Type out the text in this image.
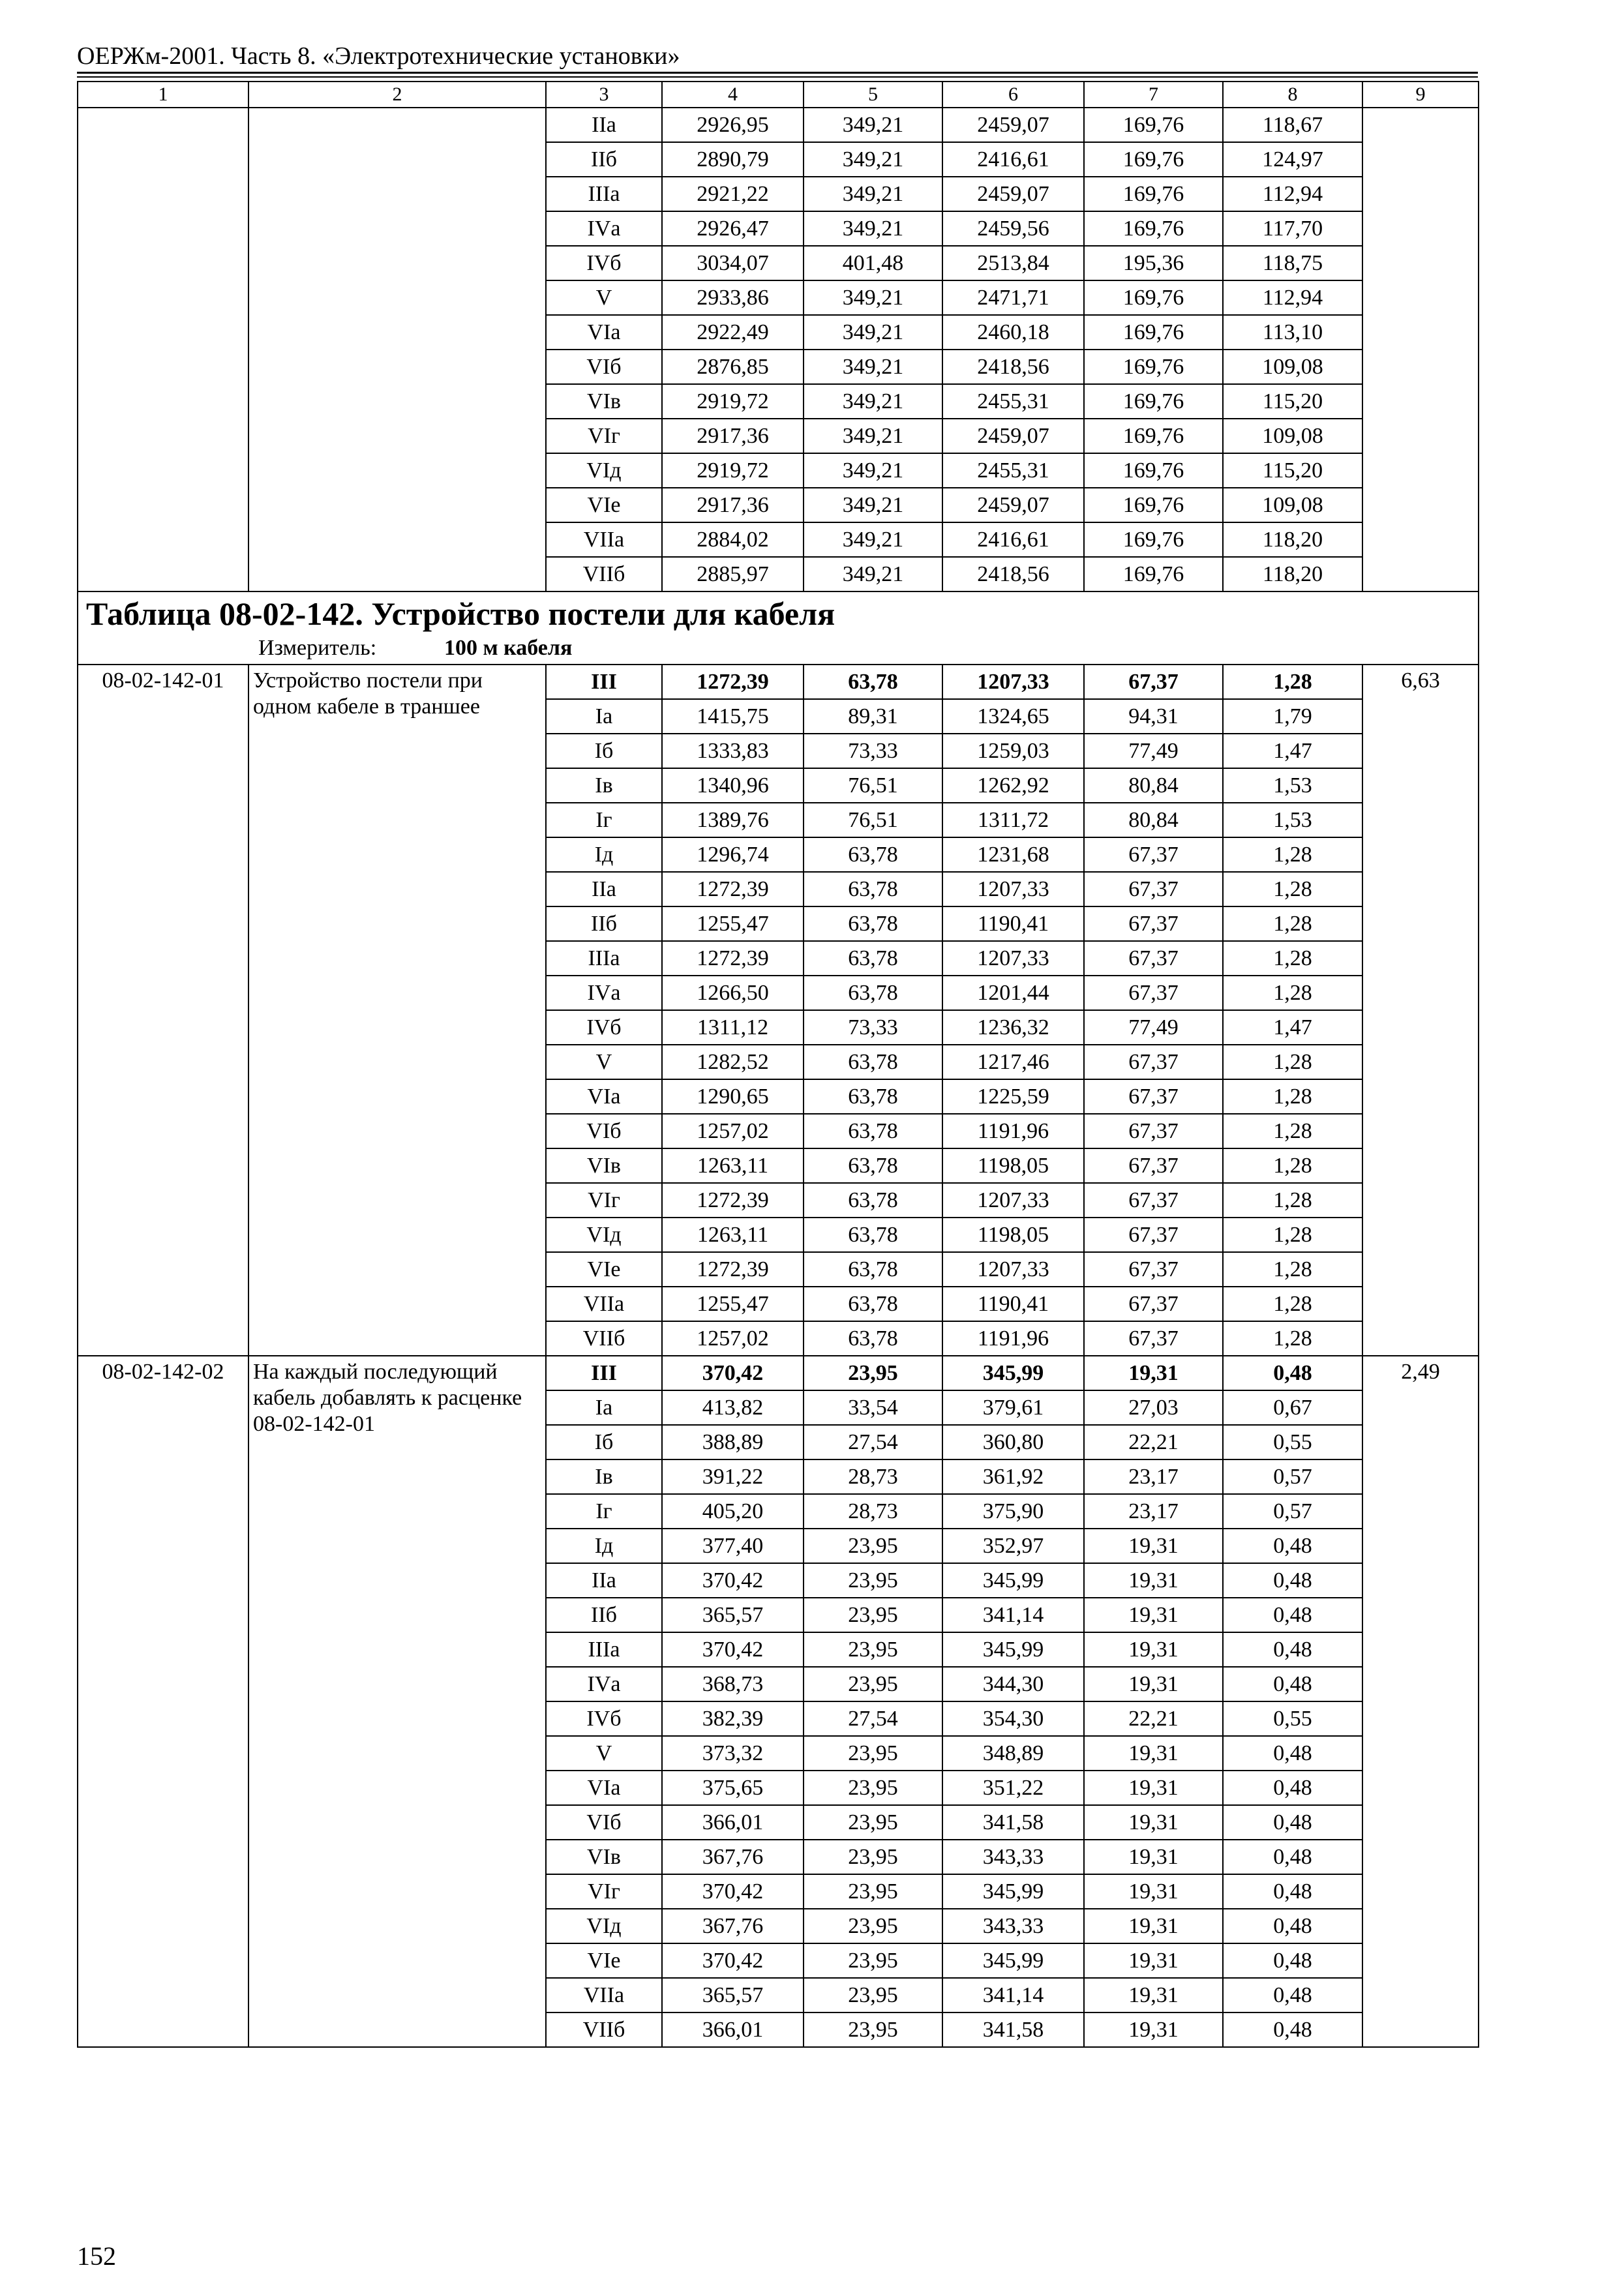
ОЕРЖм-2001. Часть 8. «Электротехнические установки»
1	2	3	4	5	6	7	8	9
		IIа	2926,95	349,21	2459,07	169,76	118,67	
		IIб	2890,79	349,21	2416,61	169,76	124,97	
		IIIа	2921,22	349,21	2459,07	169,76	112,94	
		IVа	2926,47	349,21	2459,56	169,76	117,70	
		IVб	3034,07	401,48	2513,84	195,36	118,75	
		V	2933,86	349,21	2471,71	169,76	112,94	
		VIа	2922,49	349,21	2460,18	169,76	113,10	
		VIб	2876,85	349,21	2418,56	169,76	109,08	
		VIв	2919,72	349,21	2455,31	169,76	115,20	
		VIг	2917,36	349,21	2459,07	169,76	109,08	
		VIд	2919,72	349,21	2455,31	169,76	115,20	
		VIе	2917,36	349,21	2459,07	169,76	109,08	
		VIIа	2884,02	349,21	2416,61	169,76	118,20	
		VIIб	2885,97	349,21	2418,56	169,76	118,20	

Таблица 08-02-142. Устройство постели для кабеля
Измеритель: 100 м кабеля								

08-02-142-01	Устройство постели при одном кабеле в траншее	III	1272,39	63,78	1207,33	67,37	1,28	6,63
		Iа	1415,75	89,31	1324,65	94,31	1,79	
		Iб	1333,83	73,33	1259,03	77,49	1,47	
		Iв	1340,96	76,51	1262,92	80,84	1,53	
		Iг	1389,76	76,51	1311,72	80,84	1,53	
		Iд	1296,74	63,78	1231,68	67,37	1,28	
		IIа	1272,39	63,78	1207,33	67,37	1,28	
		IIб	1255,47	63,78	1190,41	67,37	1,28	
		IIIа	1272,39	63,78	1207,33	67,37	1,28	
		IVа	1266,50	63,78	1201,44	67,37	1,28	
		IVб	1311,12	73,33	1236,32	77,49	1,47	
		V	1282,52	63,78	1217,46	67,37	1,28	
		VIа	1290,65	63,78	1225,59	67,37	1,28	
		VIб	1257,02	63,78	1191,96	67,37	1,28	
		VIв	1263,11	63,78	1198,05	67,37	1,28	
		VIг	1272,39	63,78	1207,33	67,37	1,28	
		VIд	1263,11	63,78	1198,05	67,37	1,28	
		VIе	1272,39	63,78	1207,33	67,37	1,28	
		VIIа	1255,47	63,78	1190,41	67,37	1,28	
		VIIб	1257,02	63,78	1191,96	67,37	1,28	
08-02-142-02	На каждый последующий кабель добавлять к расценке 08-02-142-01	III	370,42	23,95	345,99	19,31	0,48	2,49
		Iа	413,82	33,54	379,61	27,03	0,67	
		Iб	388,89	27,54	360,80	22,21	0,55	
		Iв	391,22	28,73	361,92	23,17	0,57	
		Iг	405,20	28,73	375,90	23,17	0,57	
		Iд	377,40	23,95	352,97	19,31	0,48	
		IIа	370,42	23,95	345,99	19,31	0,48	
		IIб	365,57	23,95	341,14	19,31	0,48	
		IIIа	370,42	23,95	345,99	19,31	0,48	
		IVа	368,73	23,95	344,30	19,31	0,48	
		IVб	382,39	27,54	354,30	22,21	0,55	
		V	373,32	23,95	348,89	19,31	0,48	
		VIа	375,65	23,95	351,22	19,31	0,48	
		VIб	366,01	23,95	341,58	19,31	0,48	
		VIв	367,76	23,95	343,33	19,31	0,48	
		VIг	370,42	23,95	345,99	19,31	0,48	
		VIд	367,76	23,95	343,33	19,31	0,48	
		VIе	370,42	23,95	345,99	19,31	0,48	
		VIIа	365,57	23,95	341,14	19,31	0,48	
		VIIб	366,01	23,95	341,58	19,31	0,48	
152
